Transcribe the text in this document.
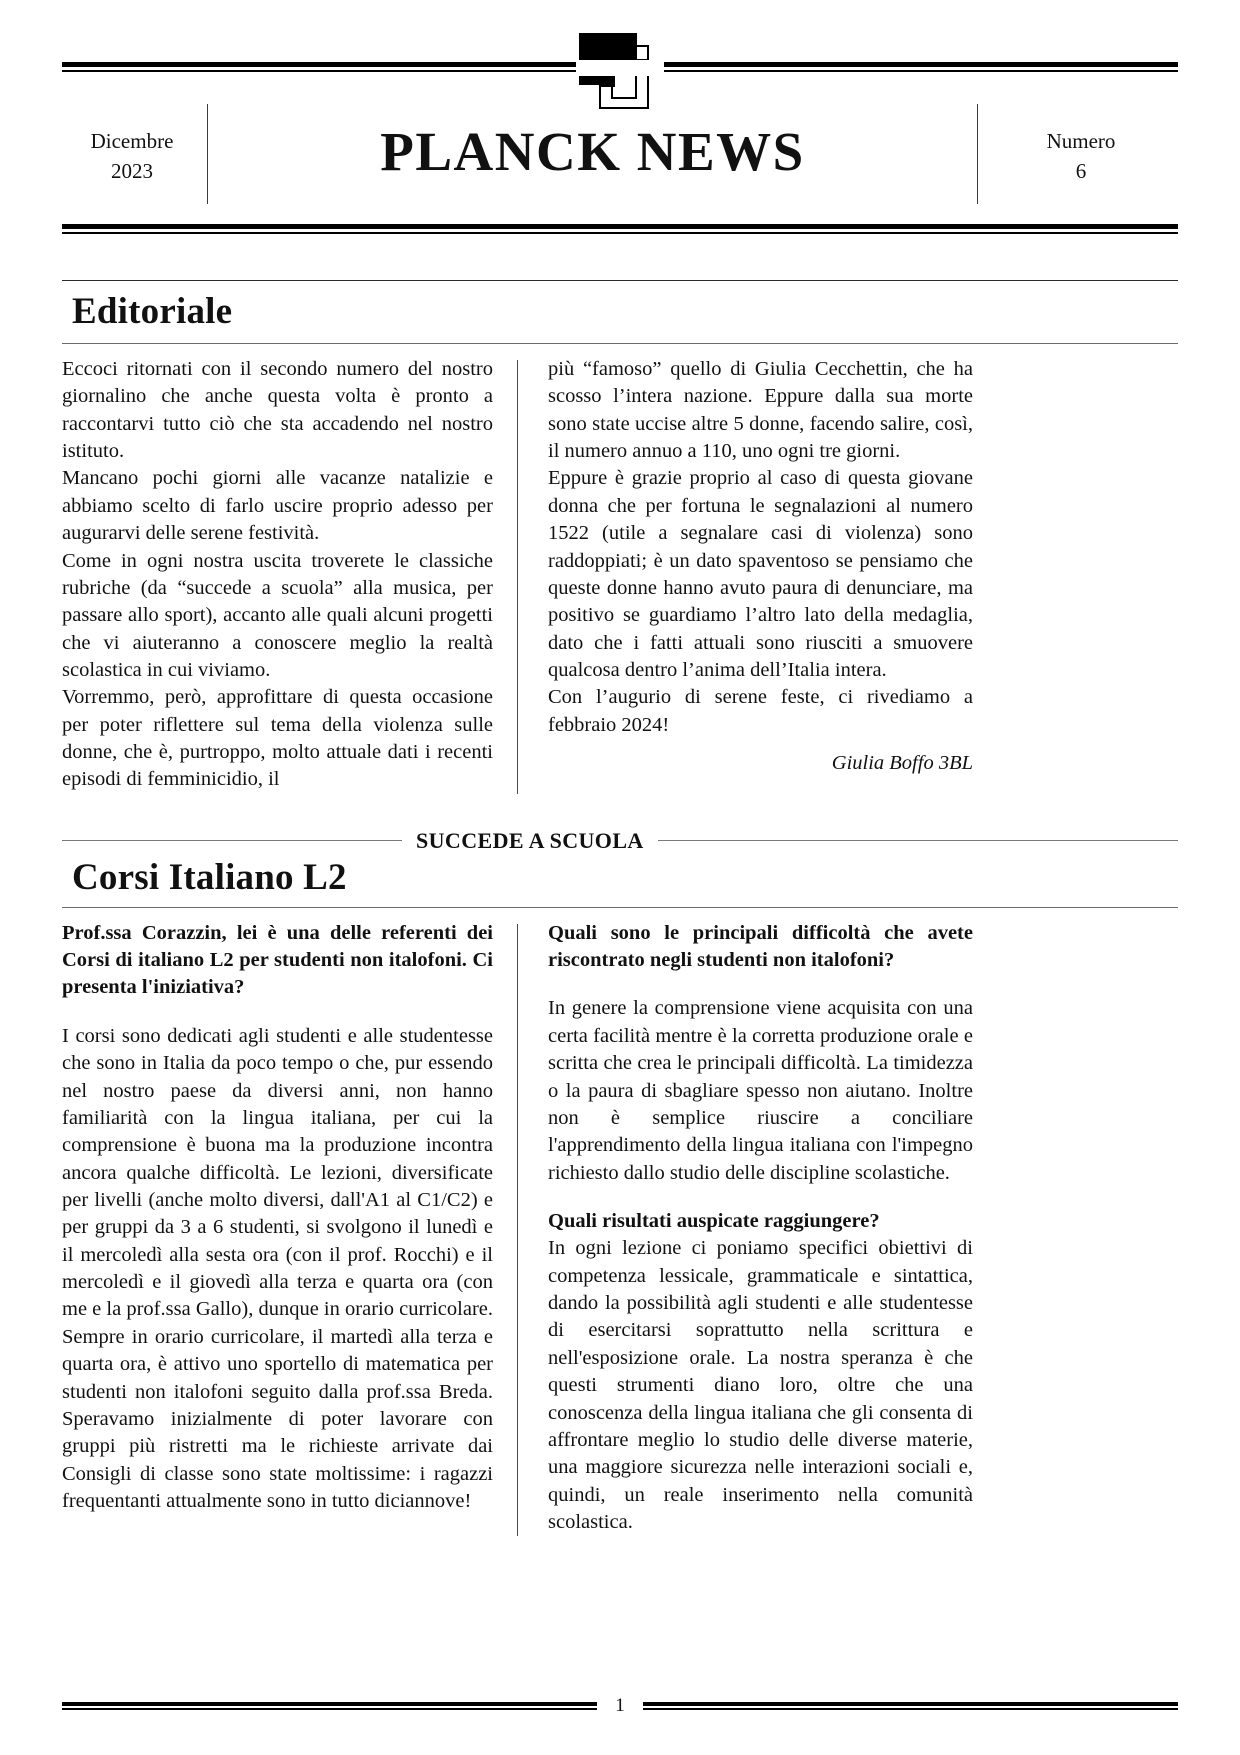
Dicembre
2023	PLANCK NEWS	Numero
6
Editoriale

Eccoci ritornati con il secondo numero del nostro giornalino che anche questa volta è pronto a raccontarvi tutto ciò che sta accadendo nel nostro istituto.

Mancano pochi giorni alle vacanze natalizie e abbiamo scelto di farlo uscire proprio adesso per augurarvi delle serene festività.

Come in ogni nostra uscita troverete le classiche rubriche (da “succede a scuola” alla musica, per passare allo sport), accanto alle quali alcuni progetti che vi aiuteranno a conoscere meglio la realtà scolastica in cui viviamo.

Vorremmo, però, approfittare di questa occasione per poter riflettere sul tema della violenza sulle donne, che è, purtroppo, molto attuale dati i recenti episodi di femminicidio, il

più “famoso” quello di Giulia Cecchettin, che ha scosso l’intera nazione. Eppure dalla sua morte sono state uccise altre 5 donne, facendo salire, così, il numero annuo a 110, uno ogni tre giorni.

Eppure è grazie proprio al caso di questa giovane donna che per fortuna le segnalazioni al numero 1522 (utile a segnalare casi di violenza) sono raddoppiati; è un dato spaventoso se pensiamo che queste donne hanno avuto paura di denunciare, ma positivo se guardiamo l’altro lato della medaglia, dato che i fatti attuali sono riusciti a smuovere qualcosa dentro l’anima dell’Italia intera.

Con l’augurio di serene feste, ci rivediamo a febbraio 2024!

Giulia Boffo 3BL
SUCCEDE A SCUOLA
Corsi Italiano L2

Prof.ssa Corazzin, lei è una delle referenti dei Corsi di italiano L2 per studenti non italofoni. Ci presenta l'iniziativa?

I corsi sono dedicati agli studenti e alle studentesse che sono in Italia da poco tempo o che, pur essendo nel nostro paese da diversi anni, non hanno familiarità con la lingua italiana, per cui la comprensione è buona ma la produzione incontra ancora qualche difficoltà. Le lezioni, diversificate per livelli (anche molto diversi, dall'A1 al C1/C2) e per gruppi da 3 a 6 studenti, si svolgono il lunedì e il mercoledì alla sesta ora (con il prof. Rocchi) e il mercoledì e il giovedì alla terza e quarta ora (con me e la prof.ssa Gallo), dunque in orario curricolare. Sempre in orario curricolare, il martedì alla terza e quarta ora, è attivo uno sportello di matematica per studenti non italofoni seguito dalla prof.ssa Breda. Speravamo inizialmente di poter lavorare con gruppi più ristretti ma le richieste arrivate dai Consigli di classe sono state moltissime: i ragazzi frequentanti attualmente sono in tutto diciannove!

Quali sono le principali difficoltà che avete riscontrato negli studenti non italofoni?

In genere la comprensione viene acquisita con una certa facilità mentre è la corretta produzione orale e scritta che crea le principali difficoltà. La timidezza o la paura di sbagliare spesso non aiutano. Inoltre non è semplice riuscire a conciliare l'apprendimento della lingua italiana con l'impegno richiesto dallo studio delle discipline scolastiche.

Quali risultati auspicate raggiungere?

In ogni lezione ci poniamo specifici obiettivi di competenza lessicale, grammaticale e sintattica, dando la possibilità agli studenti e alle studentesse di esercitarsi soprattutto nella scrittura e nell'esposizione orale. La nostra speranza è che questi strumenti diano loro, oltre che una conoscenza della lingua italiana che gli consenta di affrontare meglio lo studio delle diverse materie, una maggiore sicurezza nelle interazioni sociali e, quindi, un reale inserimento nella comunità scolastica.

1
